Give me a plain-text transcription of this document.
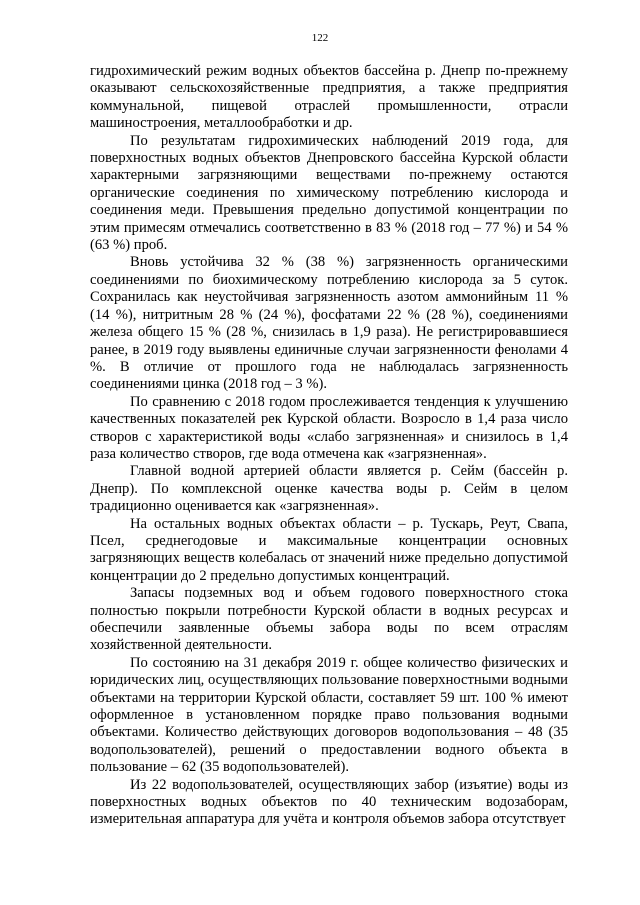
122

гидрохимический режим водных объектов бассейна р. Днепр по-прежнему оказывают сельскохозяйственные предприятия, а также предприятия коммунальной, пищевой отраслей промышленности, отрасли машиностроения, металлообработки и др.

По результатам гидрохимических наблюдений 2019 года, для поверхностных водных объектов Днепровского бассейна Курской области характерными загрязняющими веществами по-прежнему остаются органические соединения по химическому потреблению кислорода и соединения меди. Превышения предельно допустимой концентрации по этим примесям отмечались соответственно в 83 % (2018 год – 77 %) и 54 % (63 %) проб.

Вновь устойчива 32 % (38 %) загрязненность органическими соединениями по биохимическому потреблению кислорода за 5 суток. Сохранилась как неустойчивая загрязненность азотом аммонийным 11 % (14 %), нитритным 28 % (24 %), фосфатами 22 % (28 %), соединениями железа общего 15 % (28 %, снизилась в 1,9 раза). Не регистрировавшиеся ранее, в 2019 году выявлены единичные случаи загрязненности фенолами 4 %. В отличие от прошлого года не наблюдалась загрязненность соединениями цинка (2018 год – 3 %).

По сравнению с 2018 годом прослеживается тенденция к улучшению качественных показателей рек Курской области. Возросло в 1,4 раза число створов с характеристикой воды «слабо загрязненная» и снизилось в 1,4 раза количество створов, где вода отмечена как «загрязненная».

Главной водной артерией области является р. Сейм (бассейн р. Днепр). По комплексной оценке качества воды р. Сейм в целом традиционно оценивается как «загрязненная».

На остальных водных объектах области – р. Тускарь, Реут, Свапа, Псел, среднегодовые и максимальные концентрации основных загрязняющих веществ колебалась от значений ниже предельно допустимой концентрации до 2 предельно допустимых концентраций.

Запасы подземных вод и объем годового поверхностного стока полностью покрыли потребности Курской области в водных ресурсах и обеспечили заявленные объемы забора воды по всем отраслям хозяйственной деятельности.

По состоянию на 31 декабря 2019 г. общее количество физических и юридических лиц, осуществляющих пользование поверхностными водными объектами на территории Курской области, составляет 59 шт. 100 % имеют оформленное в установленном порядке право пользования водными объектами. Количество действующих договоров водопользования – 48 (35 водопользователей), решений о предоставлении водного объекта в пользование – 62 (35 водопользователей).

Из 22 водопользователей, осуществляющих забор (изъятие) воды из поверхностных водных объектов по 40 техническим водозаборам, измерительная аппаратура для учёта и контроля объемов забора отсутствует
